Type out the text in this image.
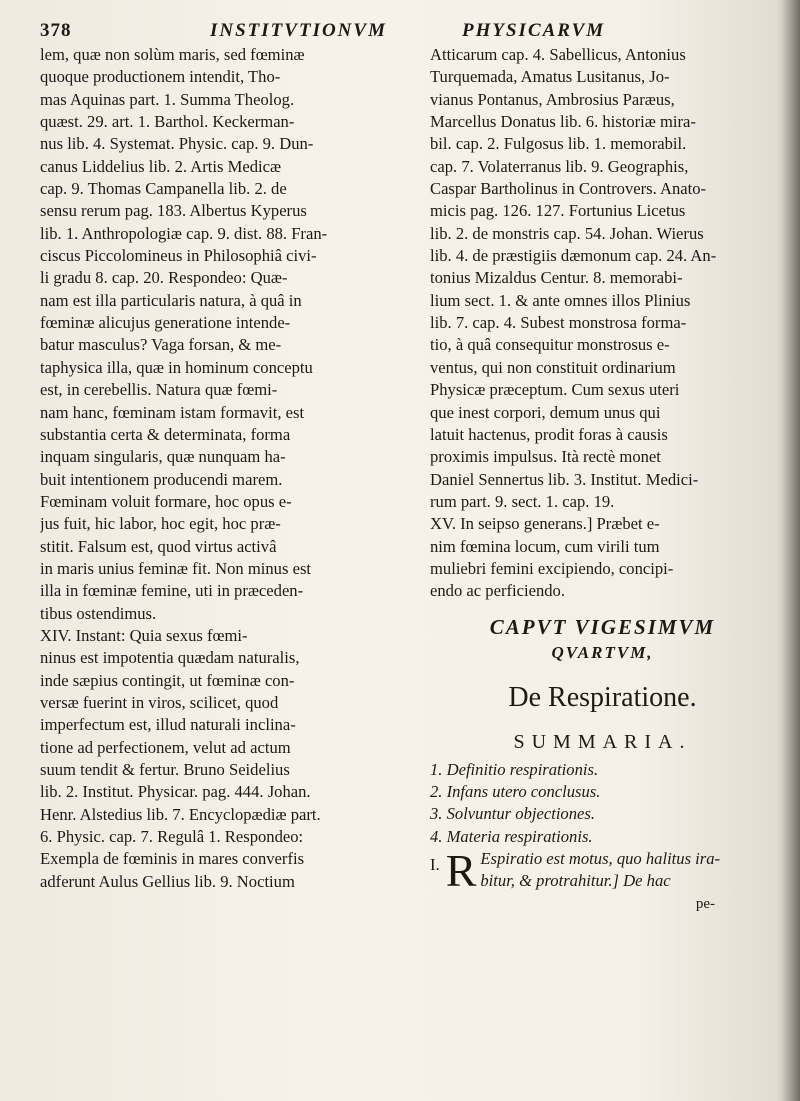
378	INSTITVTIONVM	PHYSICARVM
lem, quæ non solùm maris, sed fœminæ
quoque productionem intendit, Tho-
mas Aquinas part. 1. Summa Theolog.
quæst. 29. art. 1. Barthol. Keckerman-
nus lib. 4. Systemat. Physic. cap. 9. Dun-
canus Liddelius lib. 2. Artis Medicæ
cap. 9. Thomas Campanella lib. 2. de
sensu rerum pag. 183. Albertus Kyperus
lib. 1. Anthropologiæ cap. 9. dist. 88. Fran-
ciscus Piccolomineus in Philosophiâ civi-
li gradu 8. cap. 20. Respondeo: Quæ-
nam est illa particularis natura, à quâ in
fœminæ alicujus generatione intende-
batur masculus? Vaga forsan, & me-
taphysica illa, quæ in hominum conceptu
est, in cerebellis. Natura quæ fœmi-
nam hanc, fœminam istam formavit, est
substantia certa & determinata, forma
inquam singularis, quæ nunquam ha-
buit intentionem producendi marem.
Fœminam voluit formare, hoc opus e-
jus fuit, hic labor, hoc egit, hoc præ-
stitit. Falsum est, quod virtus activâ
in maris unius feminæ fit. Non minus est
illa in fœminæ femine, uti in præceden-
tibus ostendimus.
XIV. Instant: Quia sexus fœmi-
ninus est impotentia quædam naturalis,
inde sæpius contingit, ut fœminæ con-
versæ fuerint in viros, scilicet, quod
imperfectum est, illud naturali inclina-
tione ad perfectionem, velut ad actum
suum tendit & fertur. Bruno Seidelius
lib. 2. Institut. Physicar. pag. 444. Johan.
Henr. Alstedius lib. 7. Encyclopædiæ part.
6. Physic. cap. 7. Regulâ 1. Respondeo:
Exempla de fœminis in mares converfis
adferunt Aulus Gellius lib. 9. Noctium
Atticarum cap. 4. Sabellicus, Antonius
Turquemada, Amatus Lusitanus, Jo-
vianus Pontanus, Ambrosius Paræus,
Marcellus Donatus lib. 6. historiæ mira-
bil. cap. 2. Fulgosus lib. 1. memorabil.
cap. 7. Volaterranus lib. 9. Geographis,
Caspar Bartholinus in Controvers. Anato-
micis pag. 126. 127. Fortunius Licetus
lib. 2. de monstris cap. 54. Johan. Wierus
lib. 4. de præstigiis dæmonum cap. 24. An-
tonius Mizaldus Centur. 8. memorabi-
lium sect. 1. & ante omnes illos Plinius
lib. 7. cap. 4. Subest monstrosa forma-
tio, à quâ consequitur monstrosus e-
ventus, qui non constituit ordinarium
Physicæ præceptum. Cum sexus uteri
que inest corpori, demum unus qui
latuit hactenus, prodit foras à causis
proximis impulsus. Ità rectè monet
Daniel Sennertus lib. 3. Institut. Medici-
rum part. 9. sect. 1. cap. 19.
XV. In seipso generans.] Præbet e-
nim fœmina locum, cum virili tum
muliebri femini excipiendo, concipi-
endo ac perficiendo.
CAPVT VIGESIMVM
QVARTVM,
De Respiratione.
SUMMARIA.
1. Definitio respirationis.
2. Infans utero conclusus.
3. Solvuntur objectiones.
4. Materia respirationis.
I. R Espiratio est motus, quo halitus ira-
bitur, & protrahitur.] De hac
pe-
